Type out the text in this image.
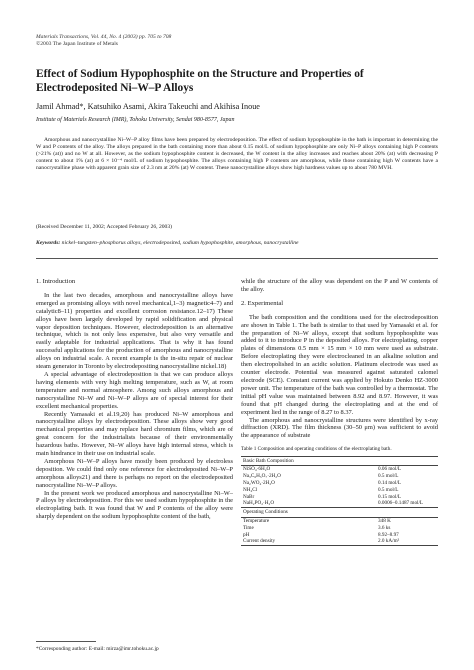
Materials Transactions, Vol. 44, No. 4 (2003) pp. 705 to 708
©2003 The Japan Institute of Metals
Effect of Sodium Hypophosphite on the Structure and Properties of Electrodeposited Ni–W–P Alloys
Jamil Ahmad*, Katsuhiko Asami, Akira Takeuchi and Akihisa Inoue
Institute of Materials Research (IMR), Tohoku University, Sendai 980-8577, Japan
Amorphous and nanocrystalline Ni–W–P alloy films have been prepared by electrodeposition. The effect of sodium hypophosphite in the bath is important in determining the W and P contents of the alloy. The alloys prepared in the bath containing more than about 0.15 mol/L of sodium hypophosphite are only Ni–P alloys containing high P contents (>21% (at)) and no W at all. However, as the sodium hypophosphite content is decreased, the W content in the alloy increases and reaches about 20% (at) with decreasing P content to about 1% (at) at 6 × 10⁻⁴ mol/L of sodium hypophosphite. The alloys containing high P contents are amorphous, while those containing high W contents have a nanocrystalline phase with apparent grain size of 2.3 nm at 20% (at) W content. These nanocrystalline alloys show high hardness values up to about 780 MVH.
(Received December 11, 2002; Accepted February 26, 2003)
Keywords: nickel–tungsten–phosphorus alloys, electrodeposited, sodium hypophosphite, amorphous, nanocrystalline
1. Introduction

In the last two decades, amorphous and nanocrystalline alloys have emerged as promising alloys with novel mechanical,1–3) magnetic4–7) and catalytic8–11) properties and excellent corrosion resistance.12–17) These alloys have been largely developed by rapid solidification and physical vapor deposition techniques. However, electrodeposition is an alternative technique, which is not only less expensive, but also very versatile and easily adaptable for industrial applications. That is why it has found successful applications for the production of amorphous and nanocrystalline alloys on industrial scale. A recent example is the in-situ repair of nuclear steam generator in Toronto by electrodepositing nanocrystalline nickel.18)

A special advantage of electrodeposition is that we can produce alloys having elements with very high melting temperature, such as W, at room temperature and normal atmosphere. Among such alloys amorphous and nanocrystalline Ni–W and Ni–W–P alloys are of special interest for their excellent mechanical properties.

Recently Yamasaki et al.19,20) has produced Ni–W amorphous and nanocrystalline alloys by electrodeposition. These alloys show very good mechanical properties and may replace hard chromium films, which are of great concern for the industrialists because of their environmentally hazardous baths. However, Ni–W alloys have high internal stress, which is main hindrance in their use on industrial scale.

Amorphous Ni–W–P alloys have mostly been produced by electroless deposition. We could find only one reference for electrodeposited Ni–W–P amorphous alloys21) and there is perhaps no report on the electrodeposited nanocrystalline Ni–W–P alloys.

In the present work we produced amorphous and nanocrystalline Ni–W–P alloys by electrodeposition. For this we used sodium hypophosphite in the electroplating bath. It was found that W and P contents of the alloy were sharply dependent on the sodium hypophosphite content of the bath,

while the structure of the alloy was dependent on the P and W contents of the alloy.

2. Experimental

The bath composition and the conditions used for the electrodeposition are shown in Table 1. The bath is similar to that used by Yamasaki et al. for the preparation of Ni–W alloys, except that sodium hypophosphite was added to it to introduce P in the deposited alloys. For electroplating, copper plates of dimensions 0.5 mm × 15 mm × 10 mm were used as substrate. Before electroplating they were electrocleaned in an alkaline solution and then electropolished in an acidic solution. Platinum electrode was used as counter electrode. Potential was measured against saturated calomel electrode (SCE). Constant current was applied by Hokuto Denko HZ-3000 power unit. The temperature of the bath was controlled by a thermostat. The initial pH value was maintained between 8.92 and 8.97. However, it was found that pH changed during the electroplating and at the end of experiment lied in the range of 8.27 to 8.37.

The amorphous and nanocrystalline structures were identified by x-ray diffraction (XRD). The film thickness (30–50 μm) was sufficient to avoid the appearance of substrate

Table 1 Composition and operating conditions of the electroplating bath.
Basic Bath Composition	
NiSO₄·6H₂O	0.06 mol/L
Na₃C₆H₅O₇·2H₂O	0.5 mol/L
Na₂WO₄·2H₂O	0.14 mol/L
NH₄Cl	0.5 mol/L
NaBr	0.15 mol/L
NaH₂PO₂·H₂O	0.0006–0.1487 mol/L
Operating Conditions	
Temperature	348 K
Time	3.6 ks
pH	8.92–8.97
Current density	2.0 kA/m²
*Corresponding author: E-mail: mirza@imr.tohoku.ac.jp
